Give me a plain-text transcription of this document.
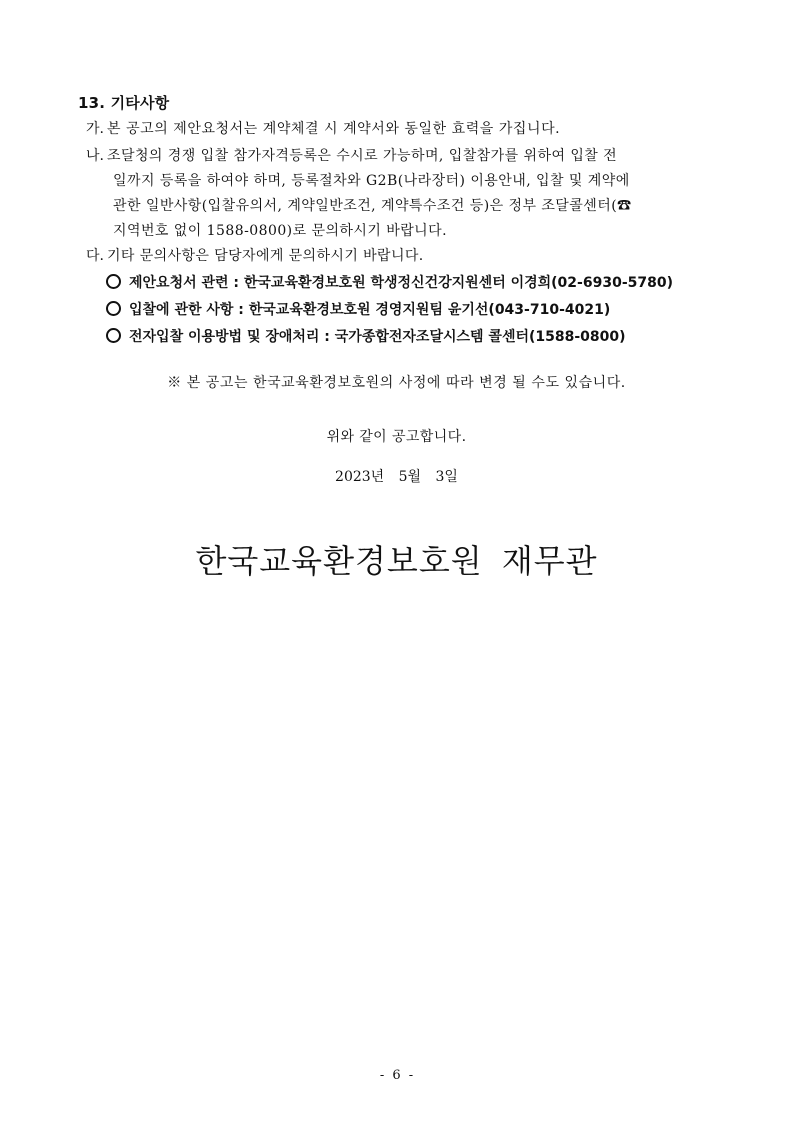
13. 기타사항
가. 본 공고의 제안요청서는 계약체결 시 계약서와 동일한 효력을 가집니다.
나. 조달청의 경쟁 입찰 참가자격등록은 수시로 가능하며, 입찰참가를 위하여 입찰 전
일까지 등록을 하여야 하며, 등록절차와 G2B(나라장터) 이용안내, 입찰 및 계약에
관한 일반사항(입찰유의서, 계약일반조건, 계약특수조건 등)은 정부 조달콜센터(☎
지역번호 없이 1588-0800)로 문의하시기 바랍니다.
다. 기타 문의사항은 담당자에게 문의하시기 바랍니다.
제안요청서 관련 : 한국교육환경보호원 학생정신건강지원센터 이경희(02-6930-5780)
입찰에 관한 사항 : 한국교육환경보호원 경영지원팀 윤기선(043-710-4021)
전자입찰 이용방법 및 장애처리 : 국가종합전자조달시스템 콜센터(1588-0800)
※ 본 공고는 한국교육환경보호원의 사정에 따라 변경 될 수도 있습니다.
위와 같이 공고합니다.
2023년 5월 3일
한국교육환경보호원 재무관
- 6 -
